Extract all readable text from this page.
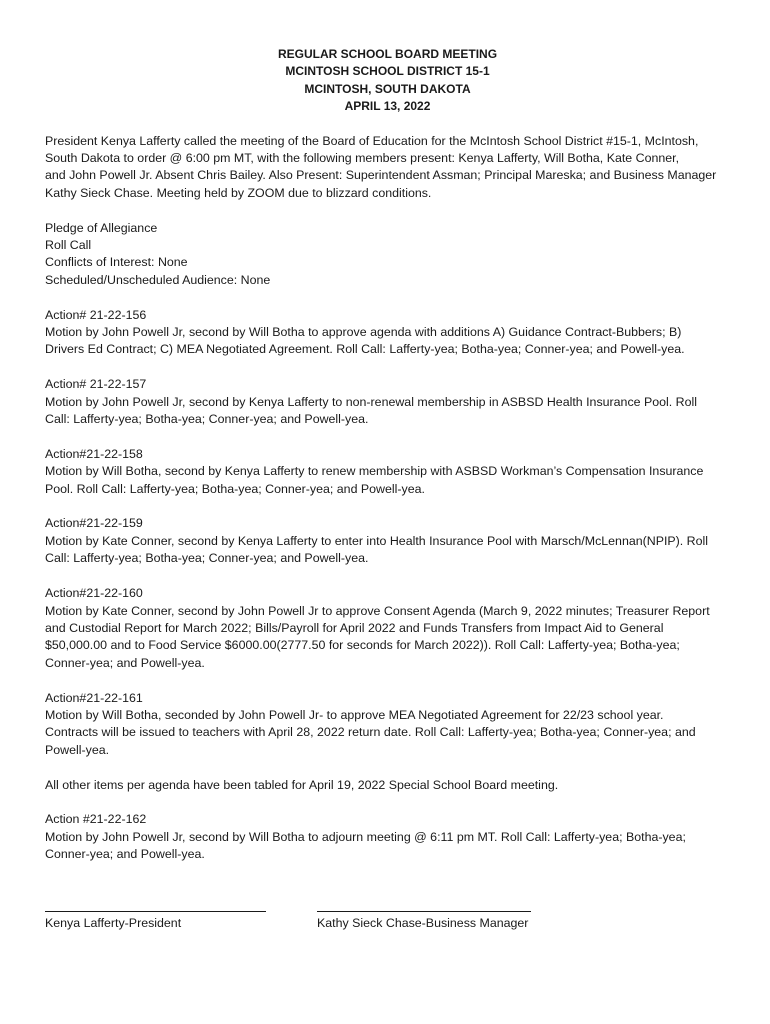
REGULAR SCHOOL BOARD MEETING
MCINTOSH SCHOOL DISTRICT 15-1
MCINTOSH, SOUTH DAKOTA
APRIL 13, 2022
President Kenya Lafferty called the meeting of the Board of Education for the McIntosh School District #15-1, McIntosh,
South Dakota to order @ 6:00 pm MT, with the following members present: Kenya Lafferty, Will Botha, Kate Conner,
and John Powell Jr. Absent Chris Bailey. Also Present: Superintendent Assman; Principal Mareska; and Business Manager
Kathy Sieck Chase. Meeting held by ZOOM due to blizzard conditions.
Pledge of Allegiance
Roll Call
Conflicts of Interest: None
Scheduled/Unscheduled Audience: None
Action# 21-22-156
Motion by John Powell Jr, second by Will Botha to approve agenda with additions A) Guidance Contract-Bubbers; B)
Drivers Ed Contract; C) MEA Negotiated Agreement. Roll Call: Lafferty-yea; Botha-yea; Conner-yea; and Powell-yea.
Action# 21-22-157
Motion by John Powell Jr, second by Kenya Lafferty to non-renewal membership in ASBSD Health Insurance Pool. Roll
Call: Lafferty-yea; Botha-yea; Conner-yea; and Powell-yea.
Action#21-22-158
Motion by Will Botha, second by Kenya Lafferty to renew membership with ASBSD Workman’s Compensation Insurance
Pool. Roll Call: Lafferty-yea; Botha-yea; Conner-yea; and Powell-yea.
Action#21-22-159
Motion by Kate Conner, second by Kenya Lafferty to enter into Health Insurance Pool with Marsch/McLennan(NPIP). Roll
Call: Lafferty-yea; Botha-yea; Conner-yea; and Powell-yea.
Action#21-22-160
Motion by Kate Conner, second by John Powell Jr to approve Consent Agenda (March 9, 2022 minutes; Treasurer Report
and Custodial Report for March 2022; Bills/Payroll for April 2022 and Funds Transfers from Impact Aid to General
$50,000.00 and to Food Service $6000.00(2777.50 for seconds for March 2022)). Roll Call: Lafferty-yea; Botha-yea;
Conner-yea; and Powell-yea.
Action#21-22-161
Motion by Will Botha, seconded by John Powell Jr- to approve MEA Negotiated Agreement for 22/23 school year.
Contracts will be issued to teachers with April 28, 2022 return date. Roll Call: Lafferty-yea; Botha-yea; Conner-yea; and
Powell-yea.
All other items per agenda have been tabled for April 19, 2022 Special School Board meeting.
Action #21-22-162
Motion by John Powell Jr, second by Will Botha to adjourn meeting @ 6:11 pm MT. Roll Call: Lafferty-yea; Botha-yea;
Conner-yea; and Powell-yea.
Kenya Lafferty-President	Kathy Sieck Chase-Business Manager
